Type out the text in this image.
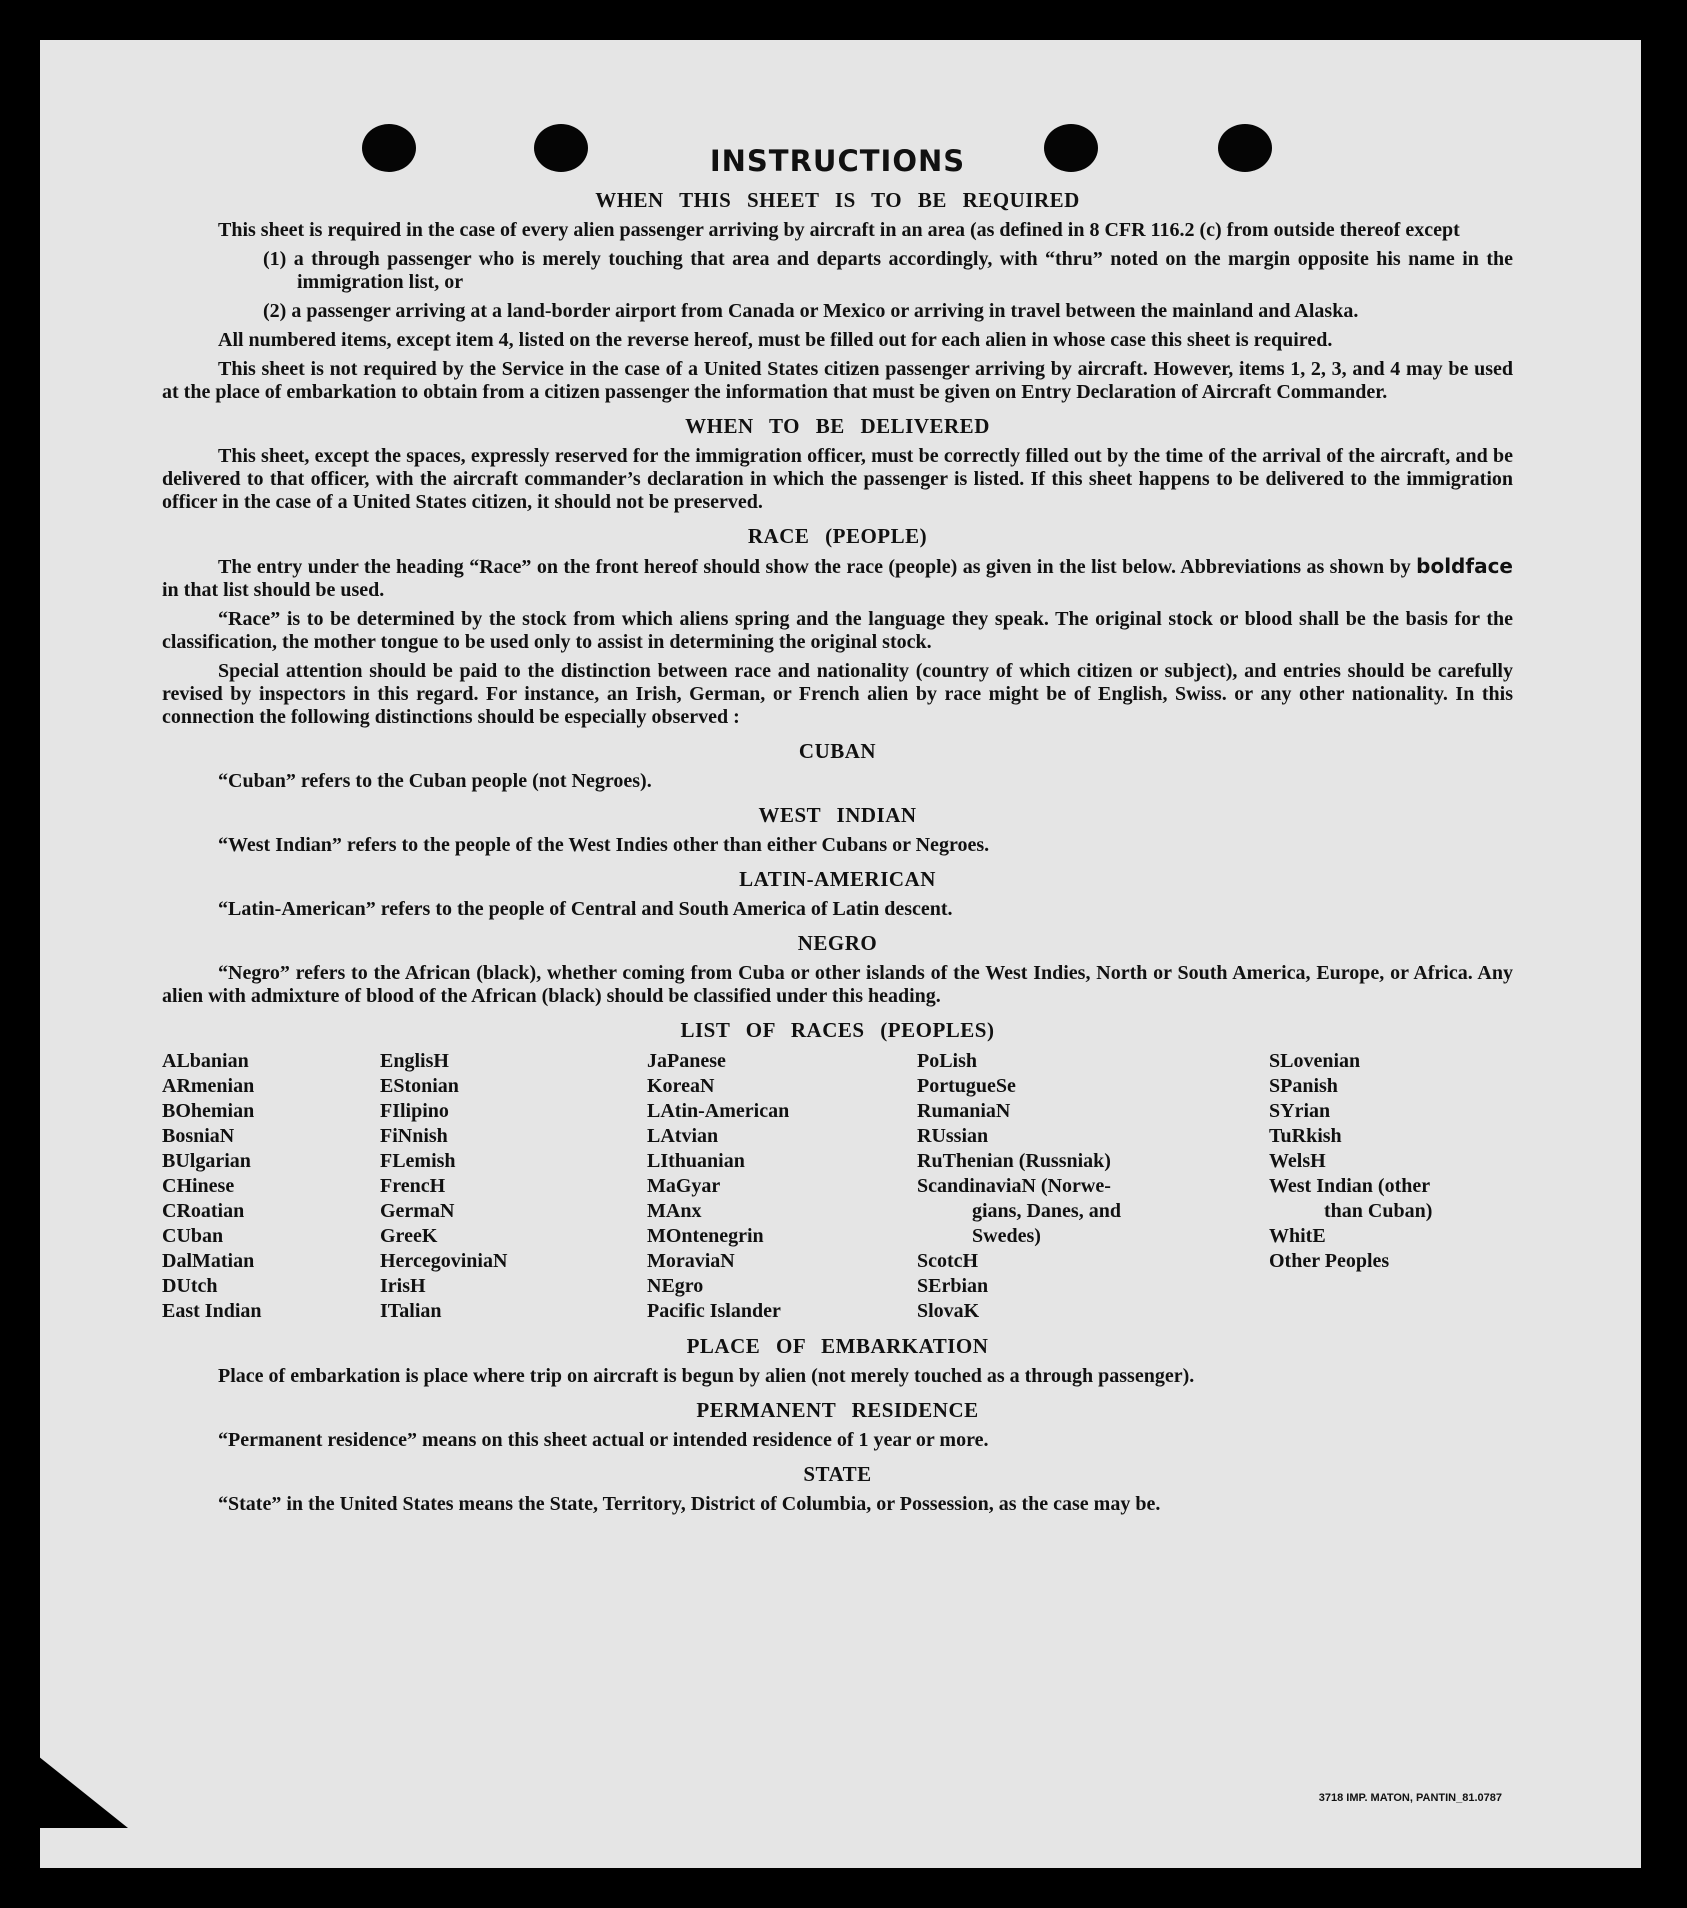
INSTRUCTIONS
WHEN THIS SHEET IS TO BE REQUIRED

This sheet is required in the case of every alien passenger arriving by aircraft in an area (as defined in 8 CFR 116.2 (c) from outside thereof except

(1) a through passenger who is merely touching that area and departs accordingly, with “thru” noted on the margin opposite his name in the immigration list, or

(2) a passenger arriving at a land-border airport from Canada or Mexico or arriving in travel between the mainland and Alaska.

All numbered items, except item 4, listed on the reverse hereof, must be filled out for each alien in whose case this sheet is required.

This sheet is not required by the Service in the case of a United States citizen passenger arriving by aircraft. However, items 1, 2, 3, and 4 may be used at the place of embarkation to obtain from a citizen passenger the information that must be given on Entry Declaration of Aircraft Commander.

WHEN TO BE DELIVERED

This sheet, except the spaces, expressly reserved for the immigration officer, must be correctly filled out by the time of the arrival of the aircraft, and be delivered to that officer, with the aircraft commander’s declaration in which the passenger is listed. If this sheet happens to be delivered to the immigration officer in the case of a United States citizen, it should not be preserved.

RACE (PEOPLE)

The entry under the heading “Race” on the front hereof should show the race (people) as given in the list below. Abbreviations as shown by boldface in that list should be used.

“Race” is to be determined by the stock from which aliens spring and the language they speak. The original stock or blood shall be the basis for the classification, the mother tongue to be used only to assist in determining the original stock.

Special attention should be paid to the distinction between race and nationality (country of which citizen or subject), and entries should be carefully revised by inspectors in this regard. For instance, an Irish, German, or French alien by race might be of English, Swiss. or any other nationality. In this connection the following distinctions should be especially observed :

CUBAN

“Cuban” refers to the Cuban people (not Negroes).

WEST INDIAN

“West Indian” refers to the people of the West Indies other than either Cubans or Negroes.

LATIN-AMERICAN

“Latin-American” refers to the people of Central and South America of Latin descent.

NEGRO

“Negro” refers to the African (black), whether coming from Cuba or other islands of the West Indies, North or South America, Europe, or Africa. Any alien with admixture of blood of the African (black) should be classified under this heading.

LIST OF RACES (PEOPLES)
ALbanian
ARmenian
BOhemian
BosniaN
BUlgarian
CHinese
CRoatian
CUban
DalMatian
DUtch
East Indian
EnglisH
EStonian
FIlipino
FiNnish
FLemish
FrencH
GermaN
GreeK
HercegoviniaN
IrisH
ITalian
JaPanese
KoreaN
LAtin-American
LAtvian
LIthuanian
MaGyar
MAnx
MOntenegrin
MoraviaN
NEgro
Pacific Islander
PoLish
PortugueSe
RumaniaN
RUssian
RuThenian (Russniak)
ScandinaviaN (Norwe-
gians, Danes, and
Swedes)
ScotcH
SErbian
SlovaK
SLovenian
SPanish
SYrian
TuRkish
WelsH
West Indian (other
than Cuban)
WhitE
Other Peoples
PLACE OF EMBARKATION

Place of embarkation is place where trip on aircraft is begun by alien (not merely touched as a through passenger).

PERMANENT RESIDENCE

“Permanent residence” means on this sheet actual or intended residence of 1 year or more.

STATE

“State” in the United States means the State, Territory, District of Columbia, or Possession, as the case may be.

3718 IMP. MATON, PANTIN_81.0787
